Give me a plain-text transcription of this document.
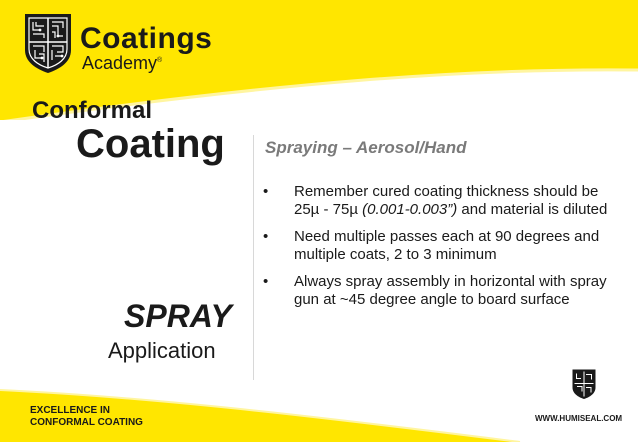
Coatings
Academy®
Conformal
Coating Spraying – Aerosol/Hand
• Remember cured coating thickness should be 25µ - 75µ (0.001-0.003”) and material is diluted
• Need multiple passes each at 90 degrees and multiple coats, 2 to 3 minimum
• Always spray assembly in horizontal with spray gun at ~45 degree angle to board surface
SPRAY
Application
EXCELLENCE IN
CONFORMAL COATING	WWW.HUMISEAL.COM
